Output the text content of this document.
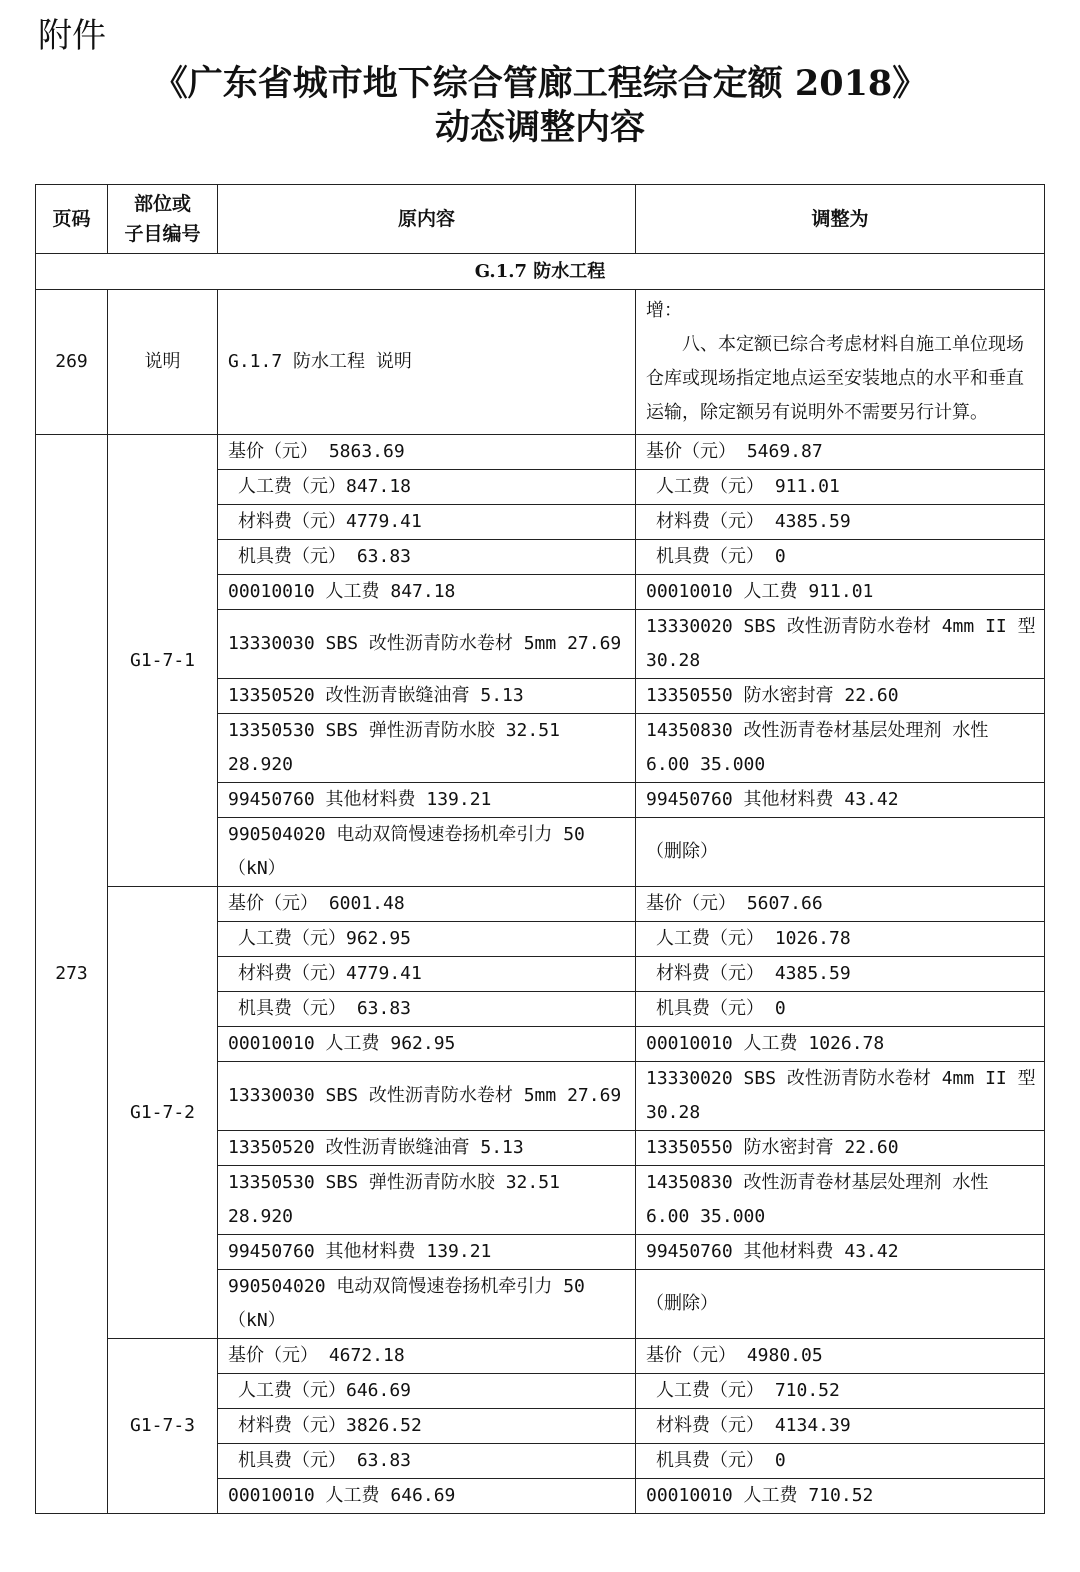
附件
《广东省城市地下综合管廊工程综合定额 2018》
动态调整内容
页码	部位或
子目编号	原内容	调整为
G.1.7 防水工程			
269	说明	G.1.7 防水工程 说明	增：
八、本定额已综合考虑材料自施工单位现场仓库或现场指定地点运至安装地点的水平和垂直运输，除定额另有说明外不需要另行计算。

273	G1-7-1	基价（元） 5863.69	基价（元） 5469.87
		人工费（元）847.18	人工费（元） 911.01
		材料费（元）4779.41	材料费（元） 4385.59
		机具费（元） 63.83	机具费（元） 0
		00010010 人工费 847.18	00010010 人工费 911.01
		13330030 SBS 改性沥青防水卷材 5mm 27.69	13330020 SBS 改性沥青防水卷材 4mm II 型 30.28
		13350520 改性沥青嵌缝油膏 5.13	13350550 防水密封膏 22.60
		13350530 SBS 弹性沥青防水胶 32.51 28.920	14350830 改性沥青卷材基层处理剂 水性 6.00 35.000
		99450760 其他材料费 139.21	99450760 其他材料费 43.42
		990504020 电动双筒慢速卷扬机牵引力 50（kN）	（删除）
	G1-7-2	基价（元） 6001.48	基价（元） 5607.66
		人工费（元）962.95	人工费（元） 1026.78
		材料费（元）4779.41	材料费（元） 4385.59
		机具费（元） 63.83	机具费（元） 0
		00010010 人工费 962.95	00010010 人工费 1026.78
		13330030 SBS 改性沥青防水卷材 5mm 27.69	13330020 SBS 改性沥青防水卷材 4mm II 型 30.28
		13350520 改性沥青嵌缝油膏 5.13	13350550 防水密封膏 22.60
		13350530 SBS 弹性沥青防水胶 32.51 28.920	14350830 改性沥青卷材基层处理剂 水性 6.00 35.000
		99450760 其他材料费 139.21	99450760 其他材料费 43.42
		990504020 电动双筒慢速卷扬机牵引力 50（kN）	（删除）
	G1-7-3	基价（元） 4672.18	基价（元） 4980.05
		人工费（元）646.69	人工费（元） 710.52
		材料费（元）3826.52	材料费（元） 4134.39
		机具费（元） 63.83	机具费（元） 0
		00010010 人工费 646.69	00010010 人工费 710.52
